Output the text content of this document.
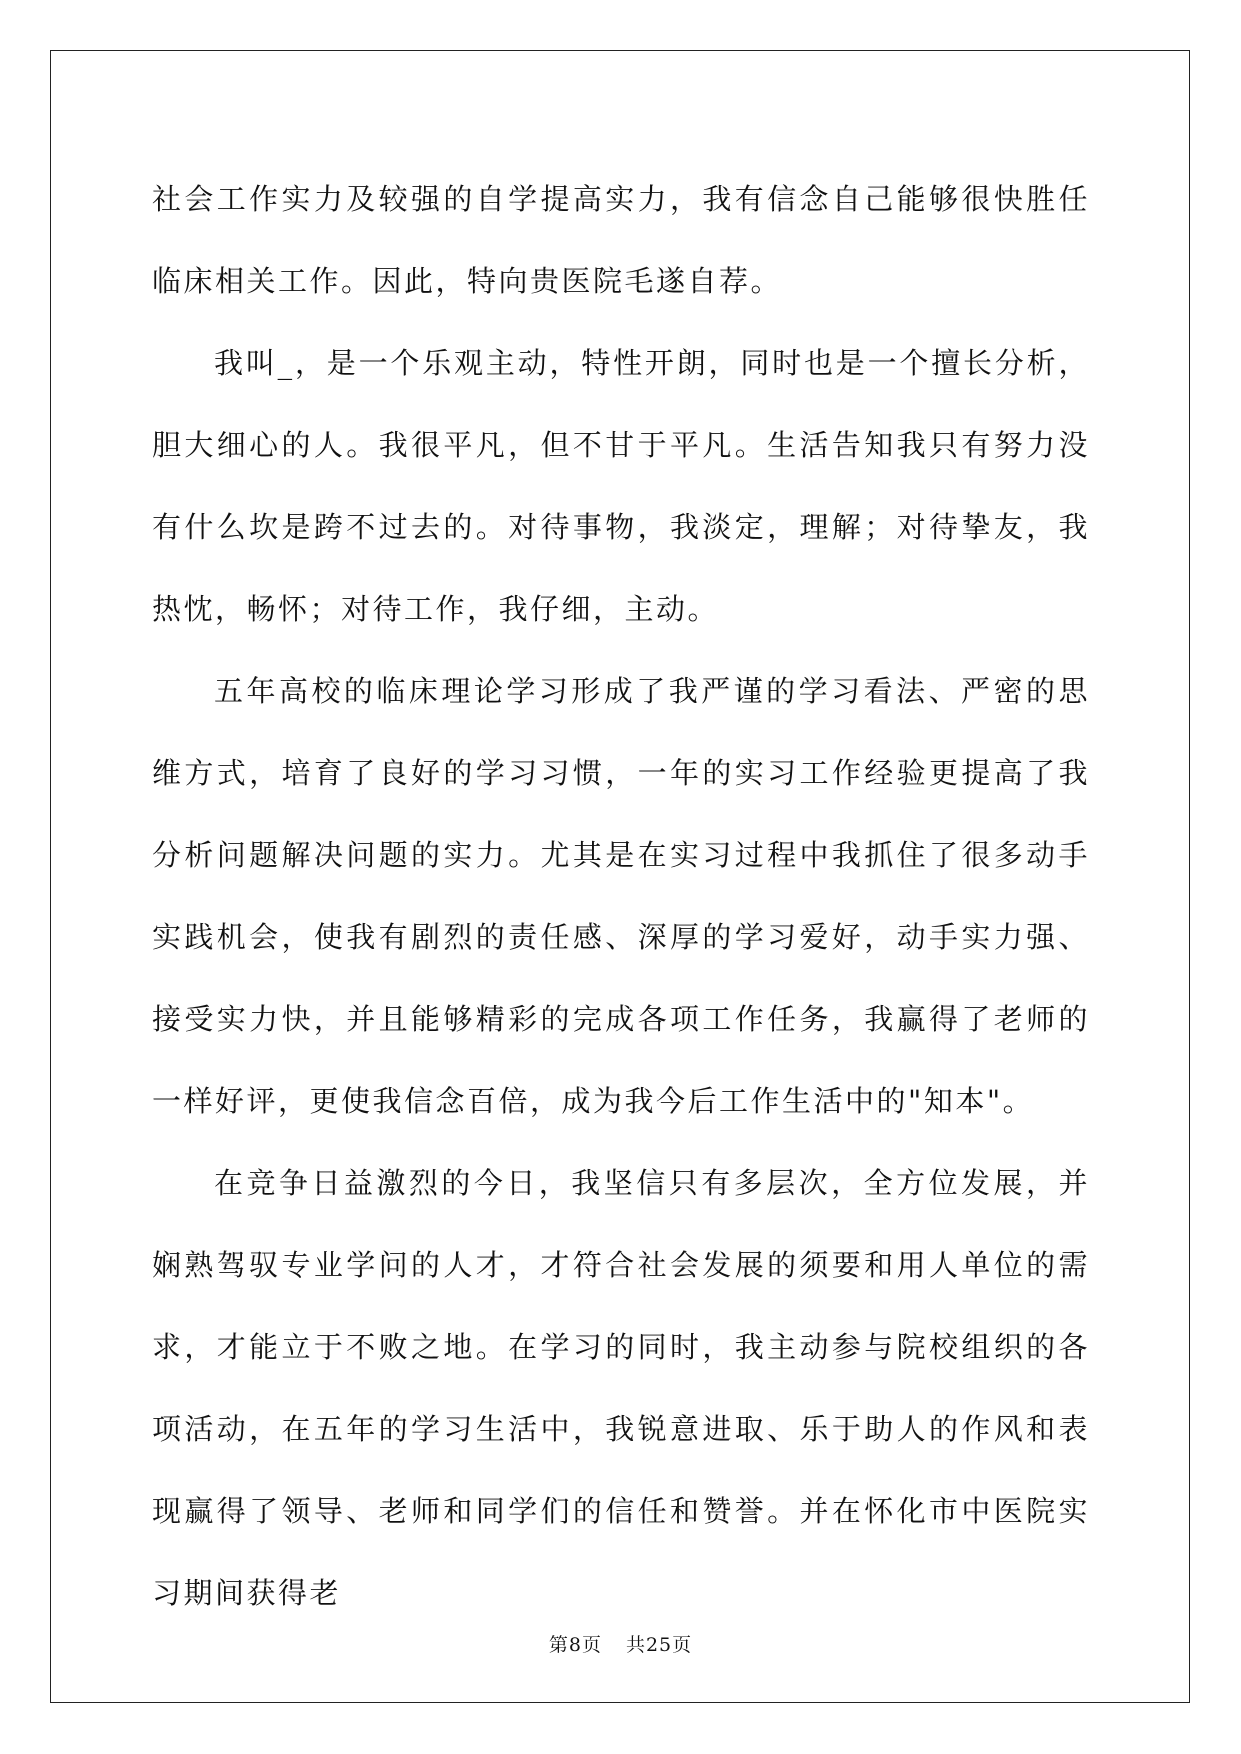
社会工作实力及较强的自学提高实力，我有信念自己能够很快胜任临床相关工作。因此，特向贵医院毛遂自荐。

我叫_，是一个乐观主动，特性开朗，同时也是一个擅长分析，胆大细心的人。我很平凡，但不甘于平凡。生活告知我只有努力没有什么坎是跨不过去的。对待事物，我淡定，理解；对待挚友，我热忱，畅怀；对待工作，我仔细，主动。

五年高校的临床理论学习形成了我严谨的学习看法、严密的思维方式，培育了良好的学习习惯，一年的实习工作经验更提高了我分析问题解决问题的实力。尤其是在实习过程中我抓住了很多动手实践机会，使我有剧烈的责任感、深厚的学习爱好，动手实力强、接受实力快，并且能够精彩的完成各项工作任务，我赢得了老师的一样好评，更使我信念百倍，成为我今后工作生活中的"知本"。

在竞争日益激烈的今日，我坚信只有多层次，全方位发展，并娴熟驾驭专业学问的人才，才符合社会发展的须要和用人单位的需求，才能立于不败之地。在学习的同时，我主动参与院校组织的各项活动，在五年的学习生活中，我锐意进取、乐于助人的作风和表现赢得了领导、老师和同学们的信任和赞誉。并在怀化市中医院实习期间获得老

第8页 共25页
